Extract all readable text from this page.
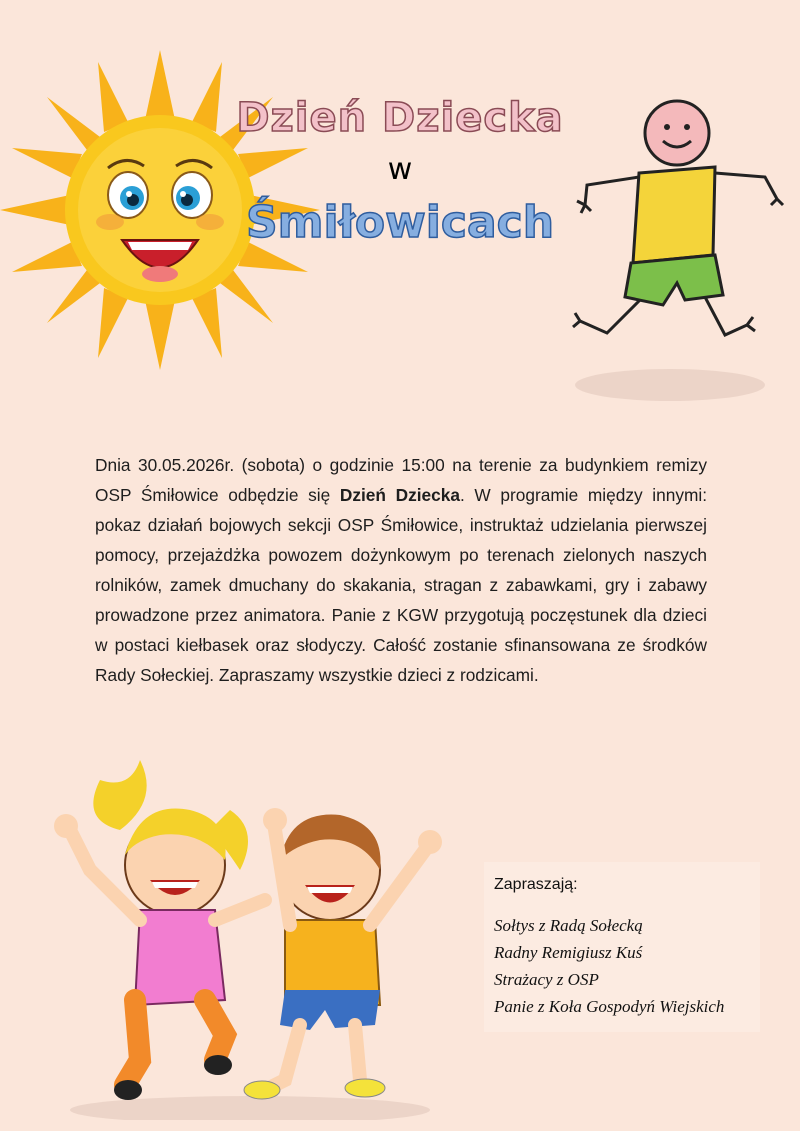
Dzień Dziecka
w
Śmiłowicach
Dnia 30.05.2026r. (sobota) o godzinie 15:00 na terenie za budynkiem remizy OSP Śmiłowice odbędzie się Dzień Dziecka. W programie między innymi: pokaz działań bojowych sekcji OSP Śmiłowice, instruktaż udzielania pierwszej pomocy, przejażdżka powozem dożynkowym po terenach zielonych naszych rolników, zamek dmuchany do skakania, stragan z zabawkami, gry i zabawy prowadzone przez animatora. Panie z KGW przygotują poczęstunek dla dzieci w postaci kiełbasek oraz słodyczy. Całość zostanie sfinansowana ze środków Rady Sołeckiej. Zapraszamy wszystkie dzieci z rodzicami.
Zapraszają:
Sołtys z Radą Sołecką
Radny Remigiusz Kuś
Strażacy z OSP
Panie z Koła Gospodyń Wiejskich
